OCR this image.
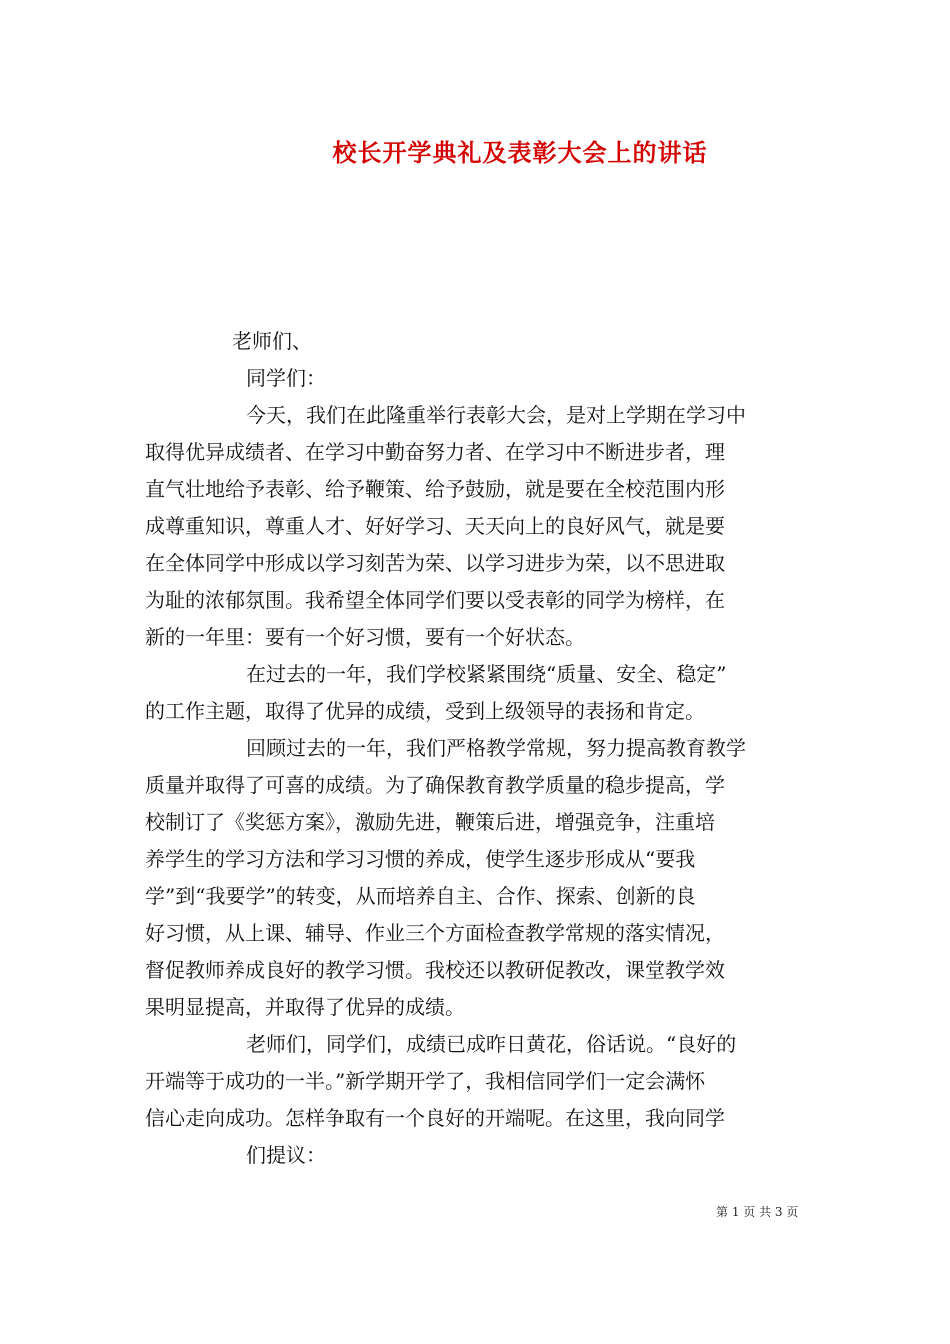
校长开学典礼及表彰大会上的讲话
老师们、
同学们：
今天，我们在此隆重举行表彰大会，是对上学期在学习中
取得优异成绩者、在学习中勤奋努力者、在学习中不断进步者，理
直气壮地给予表彰、给予鞭策、给予鼓励，就是要在全校范围内形
成尊重知识，尊重人才、好好学习、天天向上的良好风气，就是要
在全体同学中形成以学习刻苦为荣、以学习进步为荣，以不思进取
为耻的浓郁氛围。我希望全体同学们要以受表彰的同学为榜样，在
新的一年里：要有一个好习惯，要有一个好状态。
在过去的一年，我们学校紧紧围绕“质量、安全、稳定”
的工作主题，取得了优异的成绩，受到上级领导的表扬和肯定。
回顾过去的一年，我们严格教学常规，努力提高教育教学
质量并取得了可喜的成绩。为了确保教育教学质量的稳步提高，学
校制订了《奖惩方案》，激励先进，鞭策后进，增强竞争，注重培
养学生的学习方法和学习习惯的养成，使学生逐步形成从“要我
学”到“我要学”的转变，从而培养自主、合作、探索、创新的良
好习惯，从上课、辅导、作业三个方面检查教学常规的落实情况，
督促教师养成良好的教学习惯。我校还以教研促教改，课堂教学效
果明显提高，并取得了优异的成绩。
老师们，同学们，成绩已成昨日黄花，俗话说。“良好的
开端等于成功的一半。”新学期开学了，我相信同学们一定会满怀
信心走向成功。怎样争取有一个良好的开端呢。在这里，我向同学
们提议：
第 1 页 共 3 页
